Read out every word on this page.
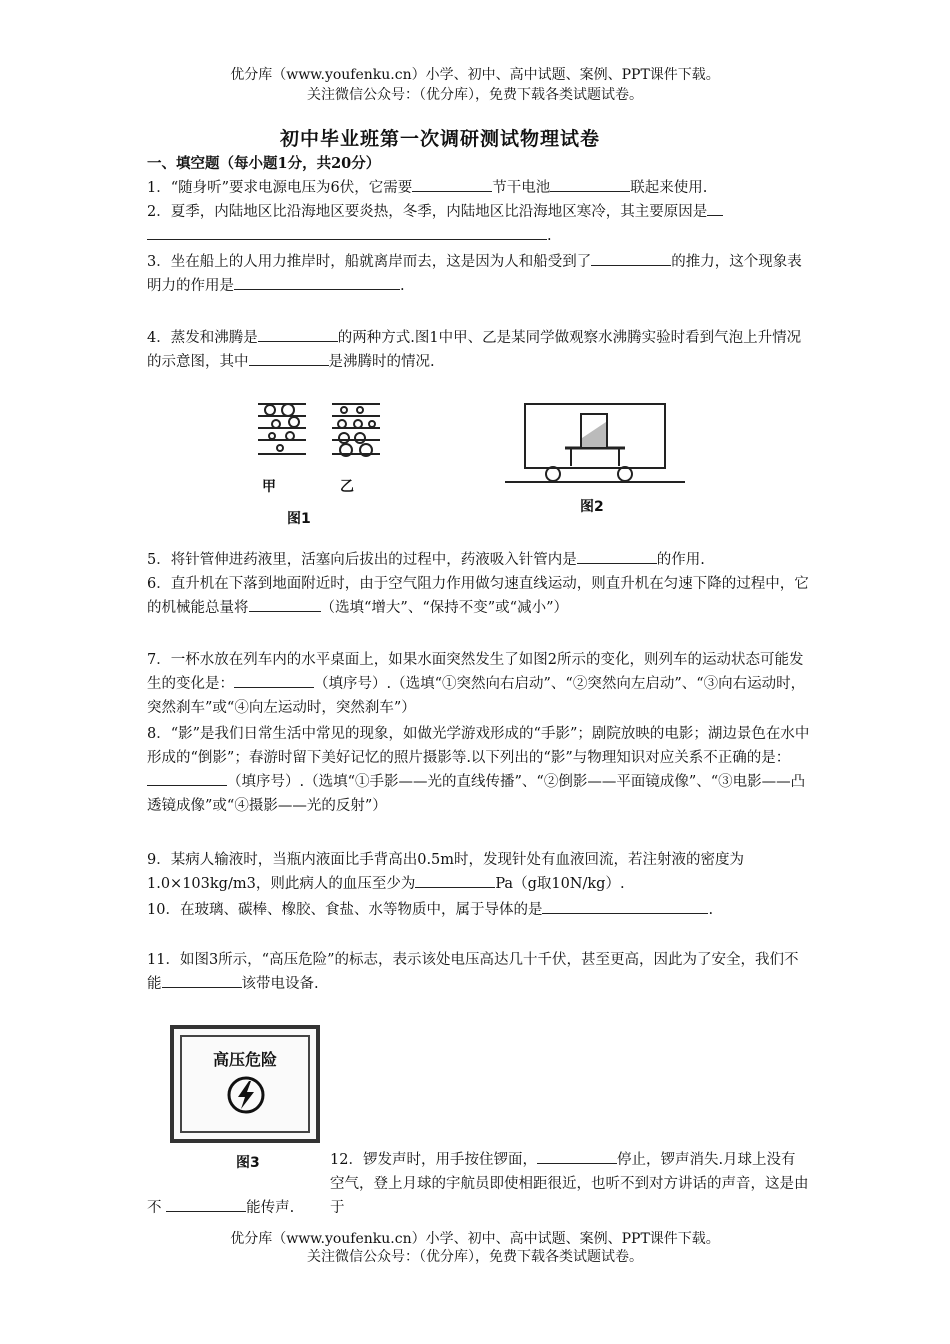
优分库（www.youfenku.cn）小学、初中、高中试题、案例、PPT课件下载。
关注微信公众号：（优分库），免费下载各类试题试卷。
初中毕业班第一次调研测试物理试卷
一、填空题（每小题1分，共20分）
1．“随身听”要求电源电压为6伏，它需要	节干电池	联起来使用.
2．夏季，内陆地区比沿海地区要炎热，冬季，内陆地区比沿海地区寒冷，其主要原因是
.
3．坐在船上的人用力推岸时，船就离岸而去，这是因为人和船受到了	的推力，这个现象表明力的作用是	.
4．蒸发和沸腾是	的两种方式.图1中甲、乙是某同学做观察水沸腾实验时看到气泡上升情况的示意图，其中	是沸腾时的情况.
甲	乙
图1
图2
5．将针管伸进药液里，活塞向后拔出的过程中，药液吸入针管内是	的作用.
6．直升机在下落到地面附近时，由于空气阻力作用做匀速直线运动，则直升机在匀速下降的过程中，它的机械能总量将	（选填“增大”、“保持不变”或“减小”）
7．一杯水放在列车内的水平桌面上，如果水面突然发生了如图2所示的变化，则列车的运动状态可能发生的变化是：	（填序号）.（选填“①突然向右启动”、“②突然向左启动”、“③向右运动时，突然刹车”或“④向左运动时，突然刹车”）
8．“影”是我们日常生活中常见的现象，如做光学游戏形成的“手影”；剧院放映的电影；湖边景色在水中形成的“倒影”；春游时留下美好记忆的照片摄影等.以下列出的“影”与物理知识对应关系不正确的是：（填序号）.（选填“①手影——光的直线传播”、“②倒影——平面镜成像”、“③电影——凸透镜成像”或“④摄影——光的反射”）
9．某病人输液时，当瓶内液面比手背高出0.5m时，发现针处有血液回流，若注射液的密度为1.0×103kg/m3，则此病人的血压至少为	Pa（g取10N/kg）.
10．在玻璃、碳棒、橡胶、食盐、水等物质中，属于导体的是	.
11．如图3所示，“高压危险”的标志，表示该处电压高达几十千伏，甚至更高，因此为了安全，我们不能	该带电设备.
高压危险
图3	12．锣发声时，用手按住锣面，	停止，锣声消失.月球上没有空气，登上月球的宇航员即使相距很近，也听不到对方讲话的声音，这是由于
不	能传声.
优分库（www.youfenku.cn）小学、初中、高中试题、案例、PPT课件下载。
关注微信公众号：（优分库），免费下载各类试题试卷。
